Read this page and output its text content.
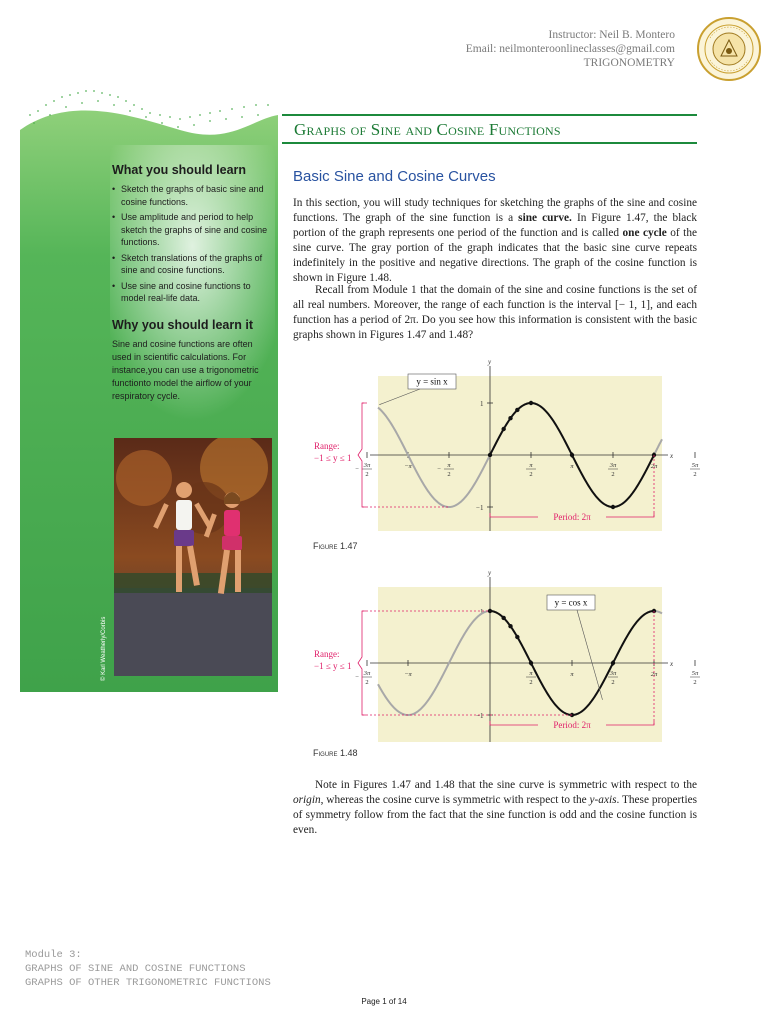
Instructor: Neil B. Montero
Email: neilmonteroonlineclasses@gmail.com
TRIGONOMETRY
What you should learn
• Sketch the graphs of basic sine and cosine functions.
• Use amplitude and period to help sketch the graphs of sine and cosine functions.
• Sketch translations of the graphs of sine and cosine functions.
• Use sine and cosine functions to model real-life data.
Why you should learn it
Sine and cosine functions are often used in scientific calculations. For instance,you can use a trigonometric functionto model the airflow of your respiratory cycle.
© Karl Weatherly/Corbis
Graphs of Sine and Cosine Functions
Basic Sine and Cosine Curves
In this section, you will study techniques for sketching the graphs of the sine and cosine functions. The graph of the sine function is a sine curve. In Figure 1.47, the black portion of the graph represents one period of the function and is called one cycle of the sine curve. The gray portion of the graph indicates that the basic sine curve repeats indefinitely in the positive and negative directions. The graph of the cosine function is shown in Figure 1.48.
Recall from Module 1 that the domain of the sine and cosine functions is the set of all real numbers. Moreover, the range of each function is the interval [− 1, 1], and each function has a period of 2π. Do you see how this information is consistent with the basic graphs shown in Figures 1.47 and 1.48?
y
x
1
−1
3π
2
−	−π	π
2
−
π
2
π	3π
2
2π	5π
2
Range:
−1 ≤ y ≤ 1
Period: 2π
y = sin x
Figure 1.47
y
x
1
−1
3π
2
−	−π	π
2
π	3π
2
2π	5π
2
Range:
−1 ≤ y ≤ 1
Period: 2π
y = cos x
Figure 1.48
Note in Figures 1.47 and 1.48 that the sine curve is symmetric with respect to the origin, whereas the cosine curve is symmetric with respect to the y-axis. These properties of symmetry follow from the fact that the sine function is odd and the cosine function is even.
Module 3:
GRAPHS OF SINE AND COSINE FUNCTIONS
GRAPHS OF OTHER TRIGONOMETRIC FUNCTIONS
Page 1 of 14
